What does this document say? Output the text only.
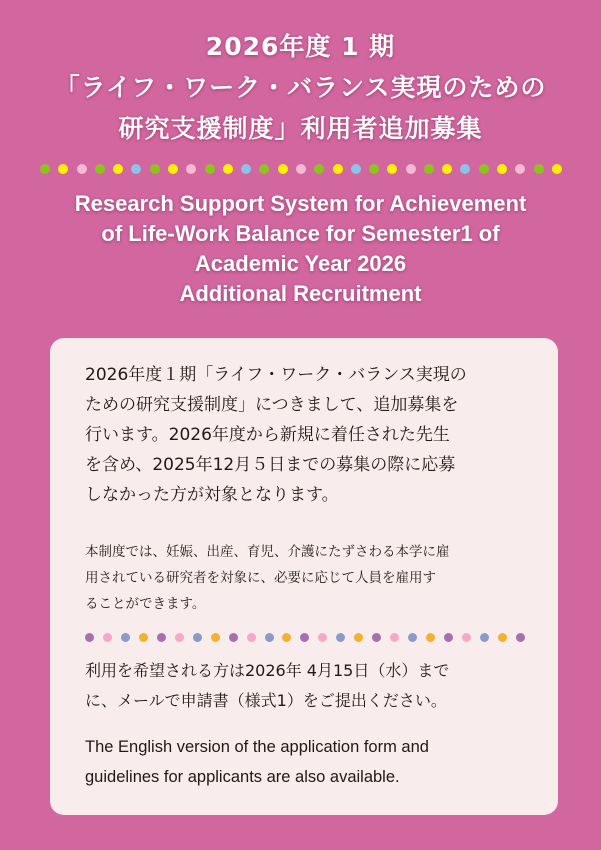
2026年度 1 期
「ライフ・ワーク・バランス実現のための
研究支援制度」利用者追加募集
Research Support System for Achievement
of Life-Work Balance for Semester1 of
Academic Year 2026
Additional Recruitment
2026年度１期「ライフ・ワーク・バランス実現の
ための研究支援制度」につきまして、追加募集を
行います。2026年度から新規に着任された先生
を含め、2025年12月５日までの募集の際に応募
しなかった方が対象となります。
本制度では、妊娠、出産、育児、介護にたずさわる本学に雇
用されている研究者を対象に、必要に応じて人員を雇用す
ることができます。
利用を希望される方は2026年 4月15日（水）まで
に、メールで申請書（様式1）をご提出ください。
The English version of the application form and
guidelines for applicants are also available.
